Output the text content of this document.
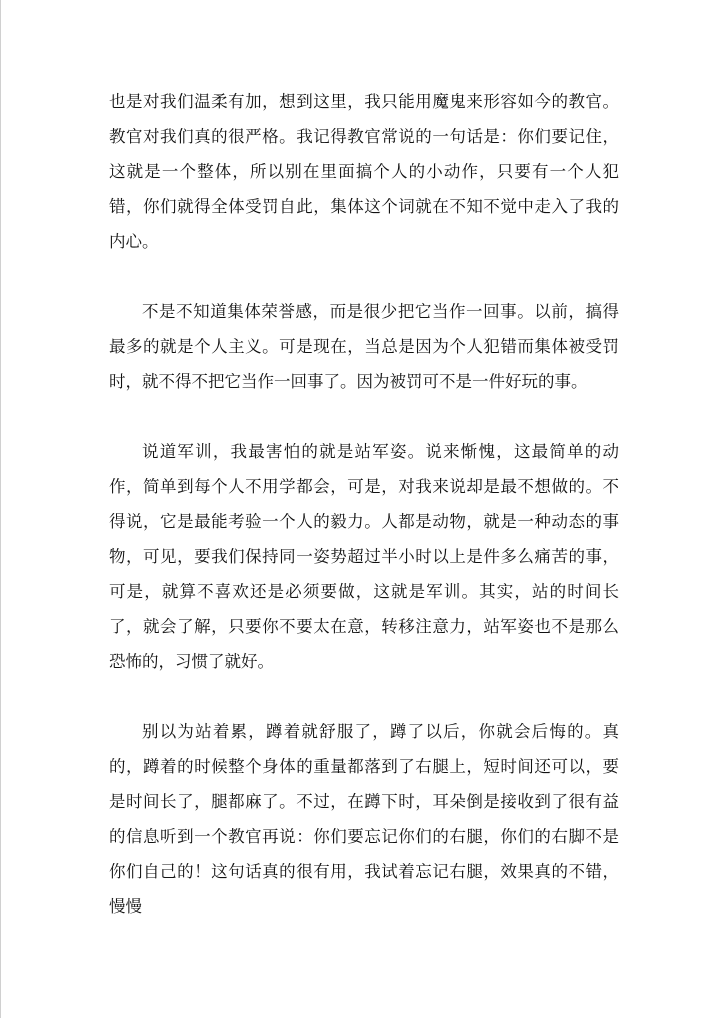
也是对我们温柔有加，想到这里，我只能用魔鬼来形容如今的教官。教官对我们真的很严格。我记得教官常说的一句话是：你们要记住，这就是一个整体，所以别在里面搞个人的小动作，只要有一个人犯错，你们就得全体受罚自此，集体这个词就在不知不觉中走入了我的内心。

不是不知道集体荣誉感，而是很少把它当作一回事。以前，搞得最多的就是个人主义。可是现在，当总是因为个人犯错而集体被受罚时，就不得不把它当作一回事了。因为被罚可不是一件好玩的事。

说道军训，我最害怕的就是站军姿。说来惭愧，这最简单的动作，简单到每个人不用学都会，可是，对我来说却是最不想做的。不得说，它是最能考验一个人的毅力。人都是动物，就是一种动态的事物，可见，要我们保持同一姿势超过半小时以上是件多么痛苦的事，可是，就算不喜欢还是必须要做，这就是军训。其实，站的时间长了，就会了解，只要你不要太在意，转移注意力，站军姿也不是那么恐怖的，习惯了就好。

别以为站着累，蹲着就舒服了，蹲了以后，你就会后悔的。真的，蹲着的时候整个身体的重量都落到了右腿上，短时间还可以，要是时间长了，腿都麻了。不过，在蹲下时，耳朵倒是接收到了很有益的信息听到一个教官再说：你们要忘记你们的右腿，你们的右脚不是你们自己的！这句话真的很有用，我试着忘记右腿，效果真的不错，慢慢
